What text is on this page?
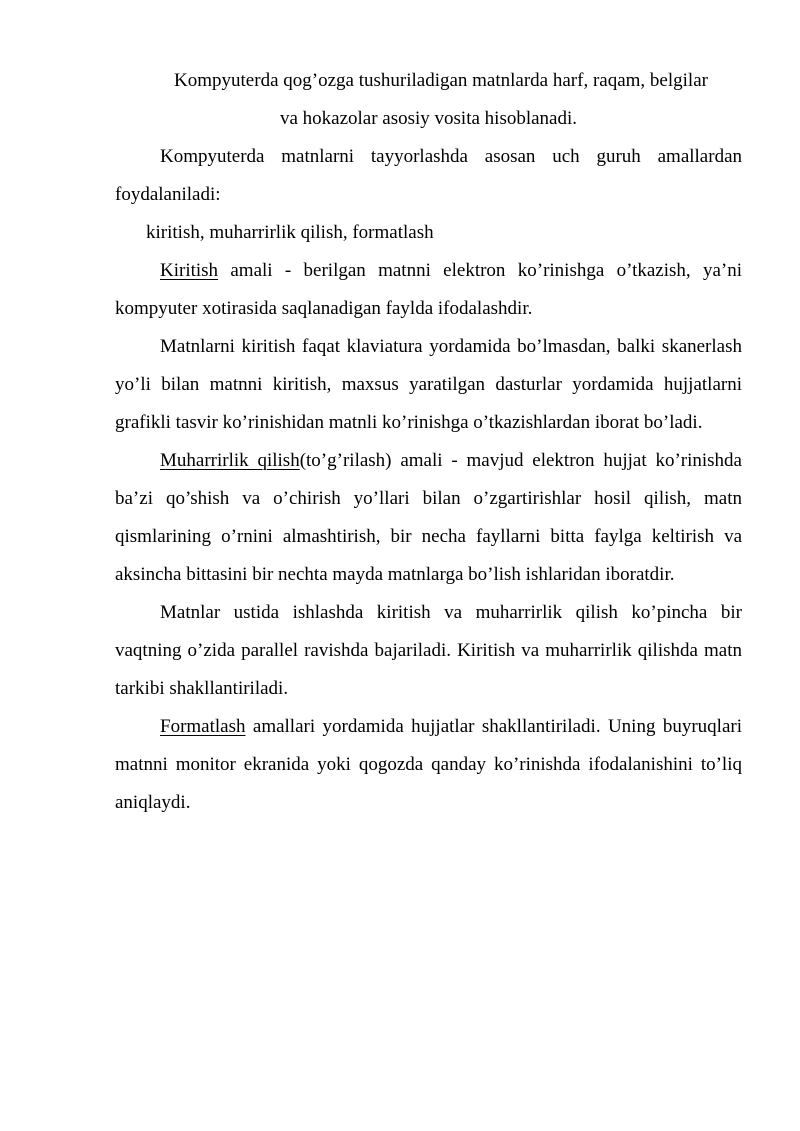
Kompyuterda qog’ozga tushuriladigan matnlarda harf, raqam, belgilar
va hokazolar asosiy vosita hisoblanadi.

Kompyuterda matnlarni tayyorlashda asosan uch guruh amallardan foydalaniladi:

kiritish, muharrirlik qilish, formatlash

Kiritish amali - berilgan matnni elektron ko’rinishga o’tkazish, ya’ni kompyuter xotirasida saqlanadigan faylda ifodalashdir.

Matnlarni kiritish faqat klaviatura yordamida bo’lmasdan, balki skanerlash yo’li bilan matnni kiritish, maxsus yaratilgan dasturlar yordamida hujjatlarni grafikli tasvir ko’rinishidan matnli ko’rinishga o’tkazishlardan iborat bo’ladi.

Muharrirlik qilish(to’g’rilash) amali - mavjud elektron hujjat ko’rinishda ba’zi qo’shish va o’chirish yo’llari bilan o’zgartirishlar hosil qilish, matn qismlarining o’rnini almashtirish, bir necha fayllarni bitta faylga keltirish va aksincha bittasini bir nechta mayda matnlarga bo’lish ishlaridan iboratdir.

Matnlar ustida ishlashda kiritish va muharrirlik qilish ko’pincha bir vaqtning o’zida parallel ravishda bajariladi. Kiritish va muharrirlik qilishda matn tarkibi shakllantiriladi.

Formatlash amallari yordamida hujjatlar shakllantiriladi. Uning buyruqlari matnni monitor ekranida yoki qogozda qanday ko’rinishda ifodalanishini to’liq aniqlaydi.
